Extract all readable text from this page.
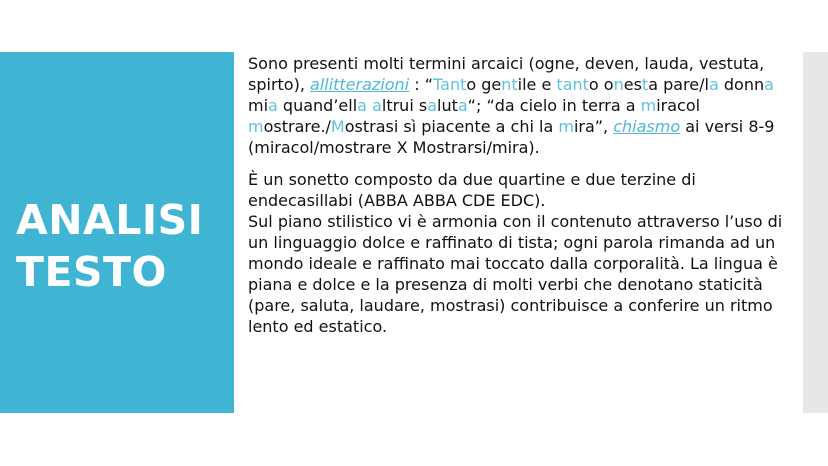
ANALISI
TESTO

Sono presenti molti termini arcaici (ogne, deven, lauda, vestuta, spirto), allitterazioni : “Tanto gentile e tanto onesta pare/la donna mia quand’ella altrui saluta“; “da cielo in terra a miracol mostrare./Mostrasi sì piacente a chi la mira”, chiasmo ai versi 8-9 (miracol/mostrare X Mostrarsi/mira).

È un sonetto composto da due quartine e due terzine di endecasillabi (ABBA ABBA CDE EDC).
Sul piano stilistico vi è armonia con il contenuto attraverso l’uso di un linguaggio dolce e raffinato di tista; ogni parola rimanda ad un mondo ideale e raffinato mai toccato dalla corporalità. La lingua è piana e dolce e la presenza di molti verbi che denotano staticità (pare, saluta, laudare, mostrasi) contribuisce a conferire un ritmo lento ed estatico.
